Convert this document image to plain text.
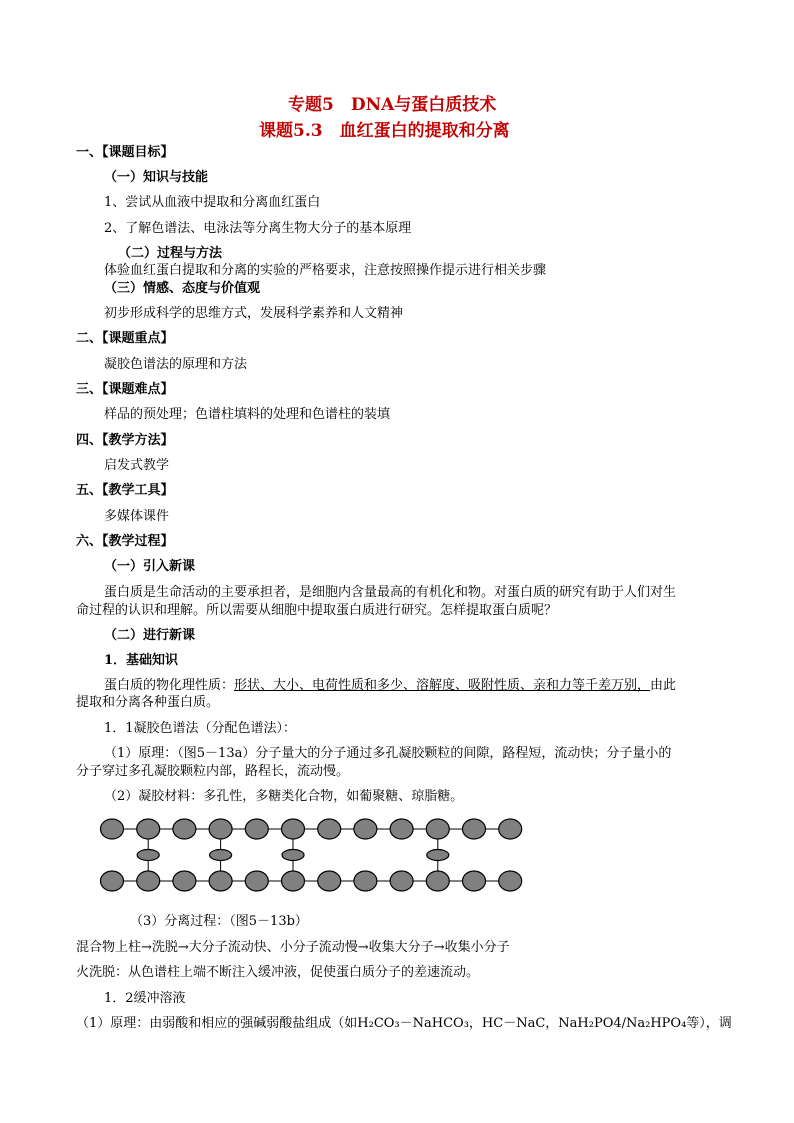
专题5　DNA与蛋白质技术
课题5.3　血红蛋白的提取和分离
一、【课题目标】
（一）知识与技能
1、尝试从血液中提取和分离血红蛋白
2、了解色谱法、电泳法等分离生物大分子的基本原理
（二）过程与方法
体验血红蛋白提取和分离的实验的严格要求，注意按照操作提示进行相关步骤
（三）情感、态度与价值观
初步形成科学的思维方式，发展科学素养和人文精神
二、【课题重点】
凝胶色谱法的原理和方法
三、【课题难点】
样品的预处理；色谱柱填料的处理和色谱柱的装填
四、【教学方法】
启发式教学
五、【教学工具】
多媒体课件
六、【教学过程】
（一）引入新课
蛋白质是生命活动的主要承担者，是细胞内含量最高的有机化和物。对蛋白质的研究有助于人们对生
命过程的认识和理解。所以需要从细胞中提取蛋白质进行研究。怎样提取蛋白质呢？
（二）进行新课
1．基础知识
蛋白质的物化理性质：形状、大小、电荷性质和多少、溶解度、吸附性质、亲和力等千差万别，由此
提取和分离各种蛋白质。
1．1凝胶色谱法（分配色谱法）：
（1）原理：（图5－13a）分子量大的分子通过多孔凝胶颗粒的间隙，路程短，流动快；分子量小的
分子穿过多孔凝胶颗粒内部，路程长，流动慢。
（2）凝胶材料：多孔性，多糖类化合物，如葡聚糖、琼脂糖。
（3）分离过程：（图5－13b）
混合物上柱→洗脱→大分子流动快、小分子流动慢→收集大分子→收集小分子
火洗脱：从色谱柱上端不断注入缓冲液，促使蛋白质分子的差速流动。
1．2缓冲溶液
（1）原理：由弱酸和相应的强碱弱酸盐组成（如H₂CO₃－NaHCO₃，HC－NaC，NaH₂PO4/Na₂HPO₄等），调
